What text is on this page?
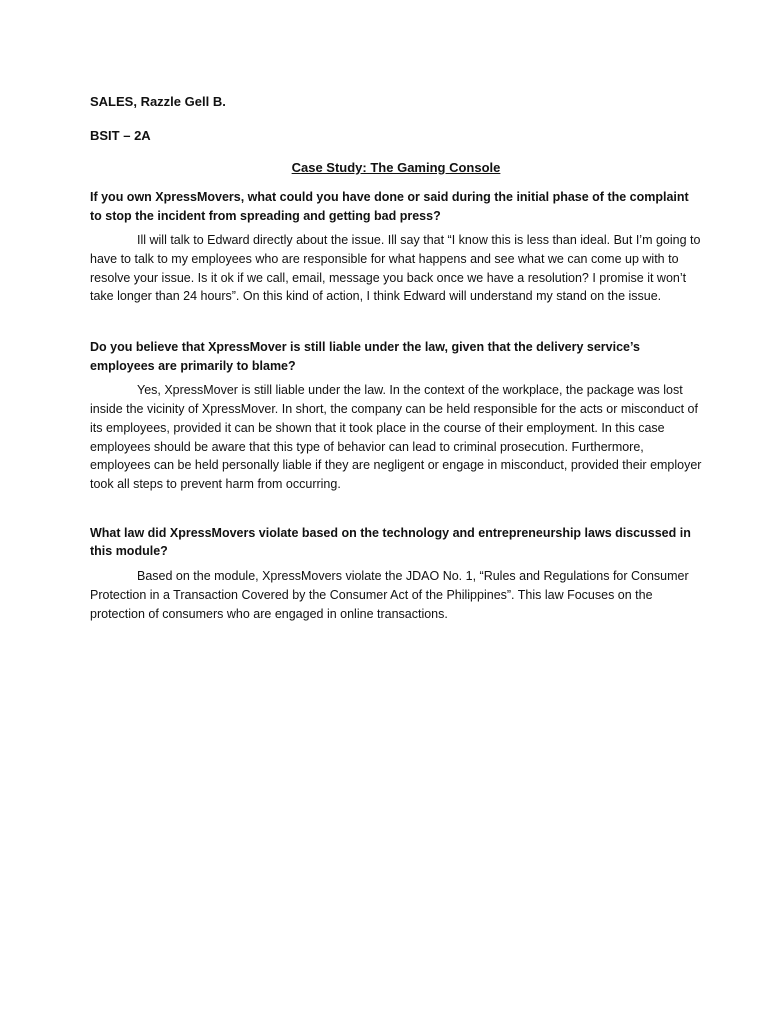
SALES, Razzle Gell B.

BSIT – 2A

Case Study: The Gaming Console

If you own XpressMovers, what could you have done or said during the initial phase of the complaint to stop the incident from spreading and getting bad press?

Ill will talk to Edward directly about the issue. Ill say that “I know this is less than ideal. But I’m going to have to talk to my employees who are responsible for what happens and see what we can come up with to resolve your issue. Is it ok if we call, email, message you back once we have a resolution? I promise it won’t take longer than 24 hours”. On this kind of action, I think Edward will understand my stand on the issue.

Do you believe that XpressMover is still liable under the law, given that the delivery service’s employees are primarily to blame?

Yes, XpressMover is still liable under the law. In the context of the workplace, the package was lost inside the vicinity of XpressMover. In short, the company can be held responsible for the acts or misconduct of its employees, provided it can be shown that it took place in the course of their employment. In this case employees should be aware that this type of behavior can lead to criminal prosecution. Furthermore, employees can be held personally liable if they are negligent or engage in misconduct, provided their employer took all steps to prevent harm from occurring.

What law did XpressMovers violate based on the technology and entrepreneurship laws discussed in this module?

Based on the module, XpressMovers violate the JDAO No. 1, “Rules and Regulations for Consumer Protection in a Transaction Covered by the Consumer Act of the Philippines”. This law Focuses on the protection of consumers who are engaged in online transactions.
